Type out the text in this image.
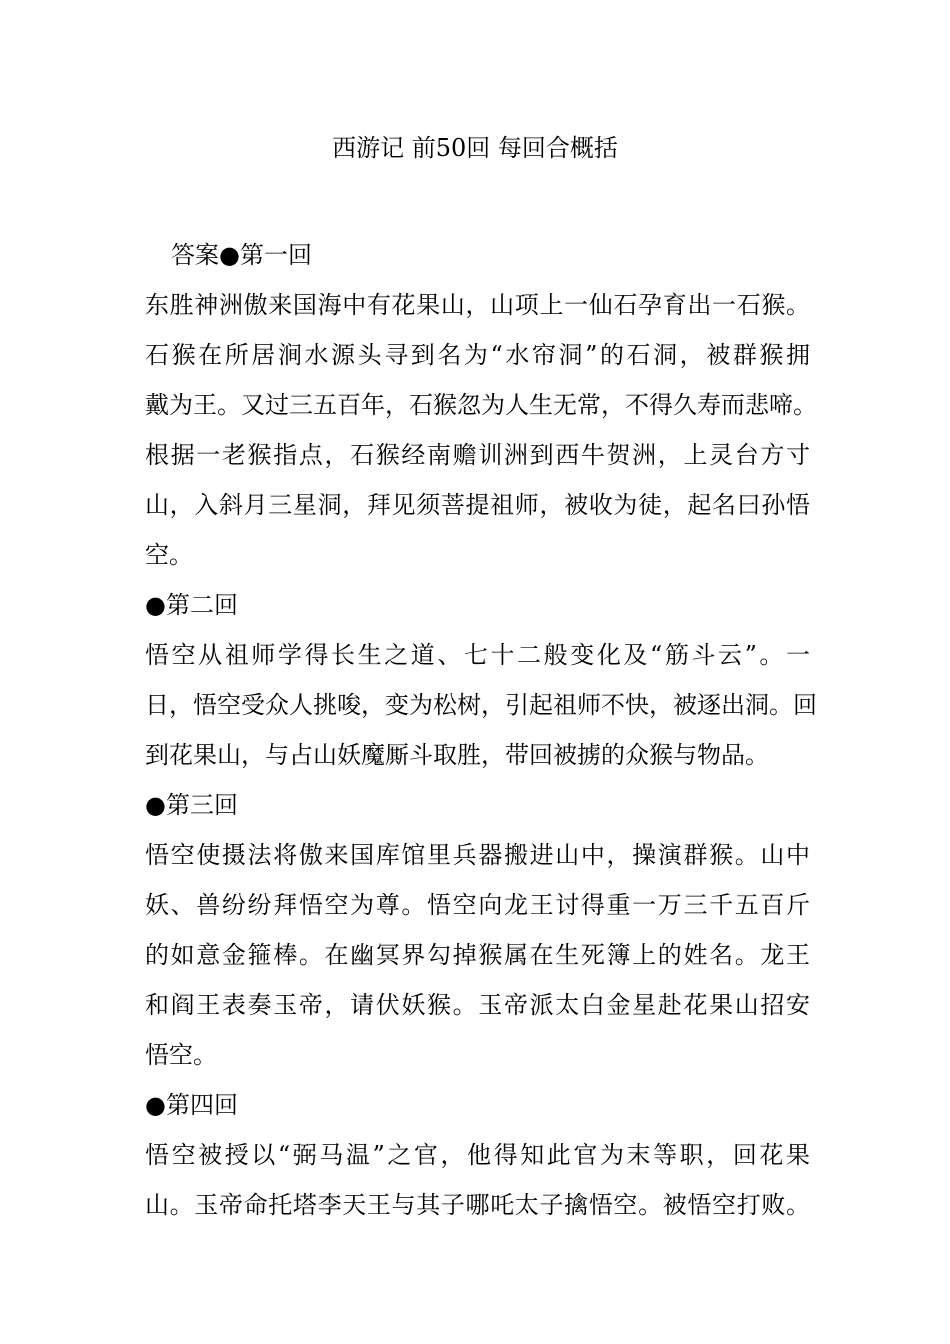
西游记 前50回 每回合概括
答案●第一回
东胜神洲傲来国海中有花果山，山项上一仙石孕育出一石猴。
石猴在所居涧水源头寻到名为“水帘洞”的石洞，被群猴拥
戴为王。又过三五百年，石猴忽为人生无常，不得久寿而悲啼。
根据一老猴指点，石猴经南赡训洲到西牛贺洲，上灵台方寸
山，入斜月三星洞，拜见须菩提祖师，被收为徒，起名曰孙悟
空。
●第二回
悟空从祖师学得长生之道、七十二般变化及“筋斗云”。一
日，悟空受众人挑唆，变为松树，引起祖师不快，被逐出洞。回
到花果山，与占山妖魔厮斗取胜，带回被掳的众猴与物品。
●第三回
悟空使摄法将傲来国库馆里兵器搬进山中，操演群猴。山中
妖、兽纷纷拜悟空为尊。悟空向龙王讨得重一万三千五百斤
的如意金箍棒。在幽冥界勾掉猴属在生死簿上的姓名。龙王
和阎王表奏玉帝，请伏妖猴。玉帝派太白金星赴花果山招安
悟空。
●第四回
悟空被授以“弼马温”之官，他得知此官为末等职，回花果
山。玉帝命托塔李天王与其子哪吒太子擒悟空。被悟空打败。
